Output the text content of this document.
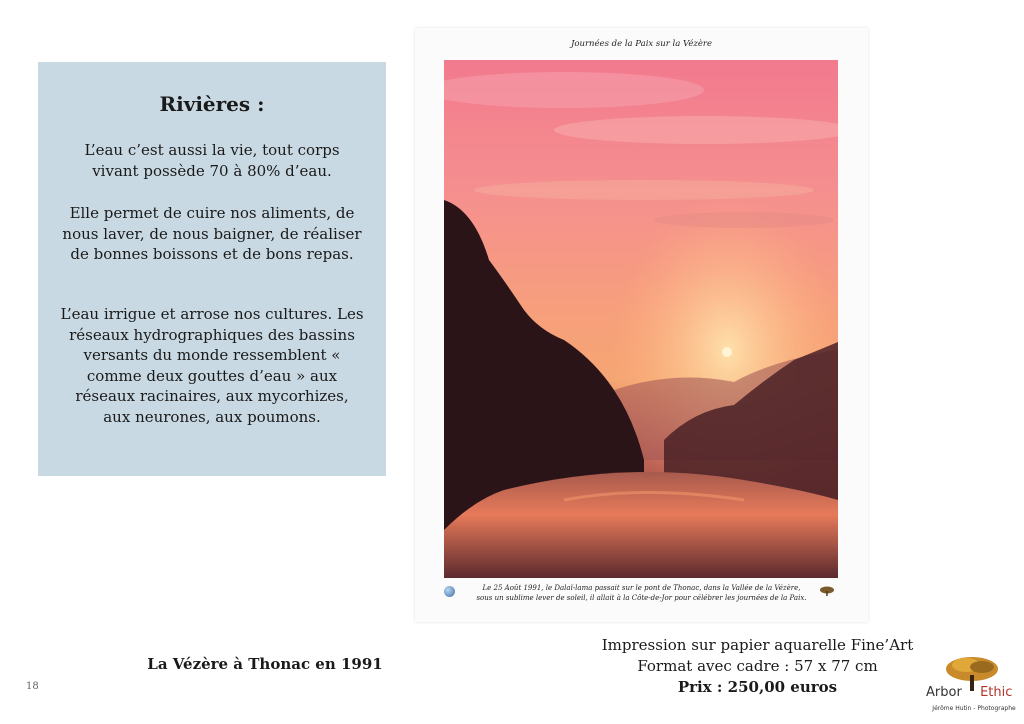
Rivières :
L’eau c’est aussi la vie, tout corps vivant possède 70 à 80% d’eau.
Elle permet de cuire nos aliments, de nous laver, de nous baigner, de réaliser de bonnes boissons et de bons repas.
L’eau irrigue et arrose nos cultures. Les réseaux hydrographiques des bassins versants du monde ressemblent « comme deux gouttes d’eau » aux réseaux racinaires, aux mycorhizes, aux neurones, aux poumons.
Journées de la Paix sur la Vézère
Le 25 Août 1991, le Dalaï-lama passait sur le pont de Thonac, dans la Vallée de la Vézère,
sous un sublime lever de soleil, il allait à la Côte-de-Jor pour célébrer les journées de la Paix.
La Vézère à Thonac en 1991
Impression sur papier aquarelle Fine’Art
Format avec cadre : 57 x 77 cm
Prix : 250,00 euros
18	Arbor Ethic
Jérôme Hutin - Photographe
